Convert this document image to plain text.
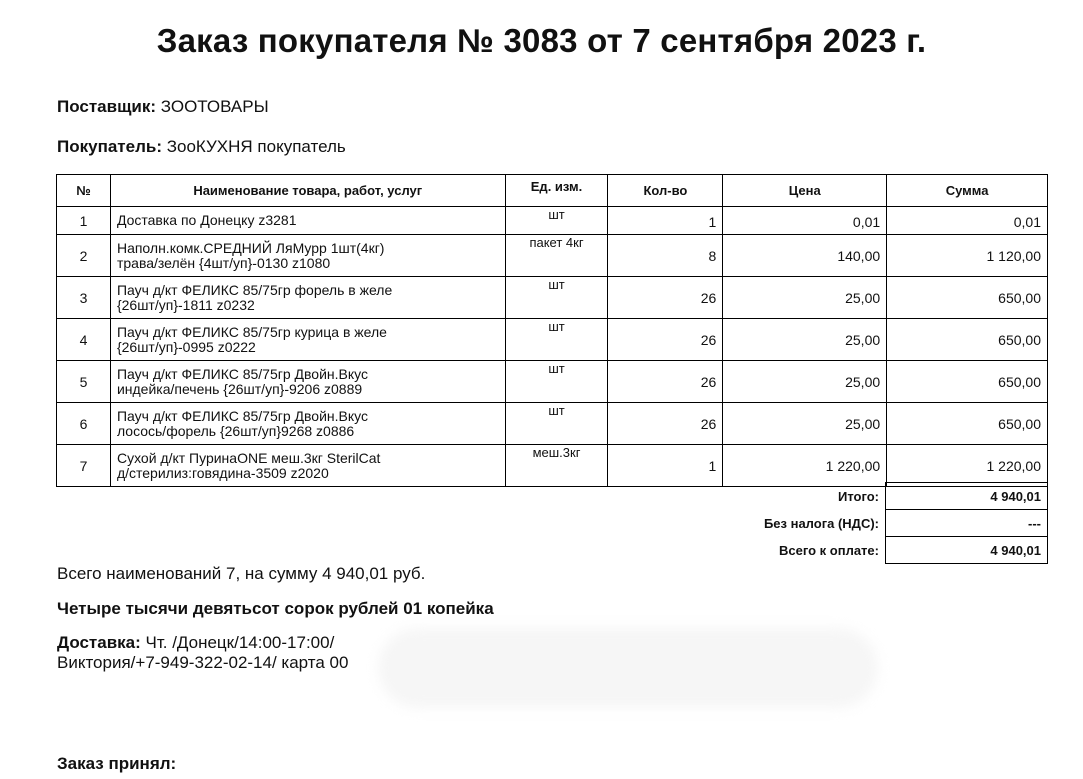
Заказ покупателя № 3083 от 7 сентября 2023 г.
Поставщик: ЗООТОВАРЫ
Покупатель: ЗооКУХНЯ покупатель
№	Наименование товара, работ, услуг	Ед. изм.	Кол-во	Цена	Сумма
1	Доставка по Донецку z3281	шт	1	0,01	0,01
2	Наполн.комк.СРЕДНИЙ ЛяМурр 1шт(4кг)
трава/зелён {4шт/уп}-0130 z1080	пакет 4кг	8	140,00	1 120,00
3	Пауч д/кт ФЕЛИКС 85/75гр форель в желе
{26шт/уп}-1811 z0232	шт	26	25,00	650,00
4	Пауч д/кт ФЕЛИКС 85/75гр курица в желе
{26шт/уп}-0995 z0222	шт	26	25,00	650,00
5	Пауч д/кт ФЕЛИКС 85/75гр Двойн.Вкус
индейка/печень {26шт/уп}-9206 z0889	шт	26	25,00	650,00
6	Пауч д/кт ФЕЛИКС 85/75гр Двойн.Вкус
лосось/форель {26шт/уп}9268 z0886	шт	26	25,00	650,00
7	Сухой д/кт ПуринаONE меш.3кг SterilCat
д/стерилиз:говядина-3509 z2020	меш.3кг	1	1 220,00	1 220,00
Итого:	4 940,01
Без налога (НДС):	---
Всего к оплате:	4 940,01
Всего наименований 7, на сумму 4 940,01 руб.
Четыре тысячи девятьсот сорок рублей 01 копейка
Доставка: Чт. /Донецк/14:00-17:00/
Виктория/+7-949-322-02-14/ карта 00
Заказ принял:
